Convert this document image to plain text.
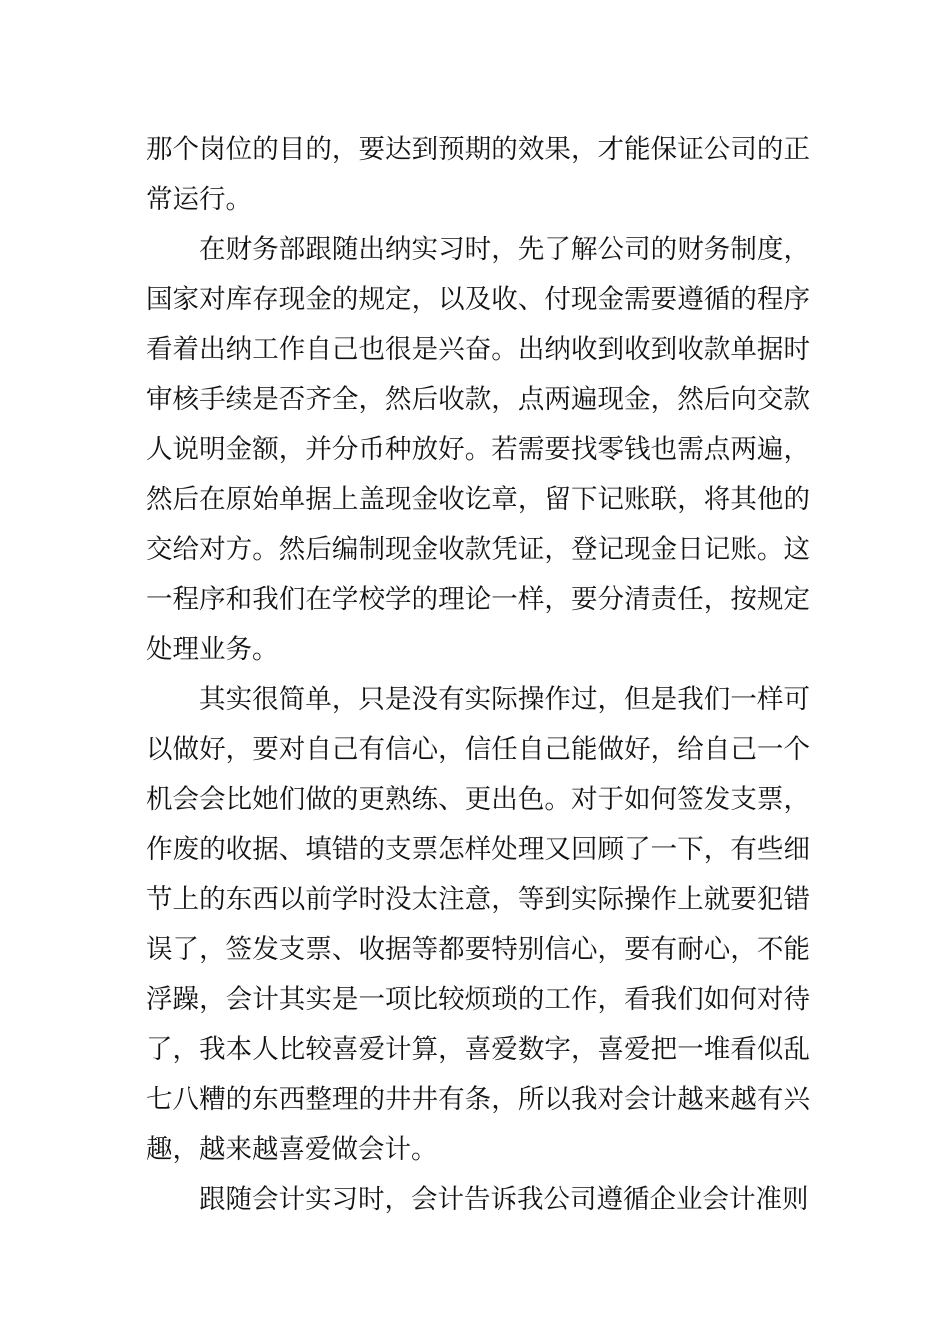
那个岗位的目的，要达到预期的效果，才能保证公司的正
常运行。
在财务部跟随出纳实习时，先了解公司的财务制度，
国家对库存现金的规定，以及收、付现金需要遵循的程序
看着出纳工作自己也很是兴奋。出纳收到收到收款单据时
审核手续是否齐全，然后收款，点两遍现金，然后向交款
人说明金额，并分币种放好。若需要找零钱也需点两遍，
然后在原始单据上盖现金收讫章，留下记账联，将其他的
交给对方。然后编制现金收款凭证，登记现金日记账。这
一程序和我们在学校学的理论一样，要分清责任，按规定
处理业务。
其实很简单，只是没有实际操作过，但是我们一样可
以做好，要对自己有信心，信任自己能做好，给自己一个
机会会比她们做的更熟练、更出色。对于如何签发支票，
作废的收据、填错的支票怎样处理又回顾了一下，有些细
节上的东西以前学时没太注意，等到实际操作上就要犯错
误了，签发支票、收据等都要特别信心，要有耐心，不能
浮躁，会计其实是一项比较烦琐的工作，看我们如何对待
了，我本人比较喜爱计算，喜爱数字，喜爱把一堆看似乱
七八糟的东西整理的井井有条，所以我对会计越来越有兴
趣，越来越喜爱做会计。
跟随会计实习时，会计告诉我公司遵循企业会计准则
